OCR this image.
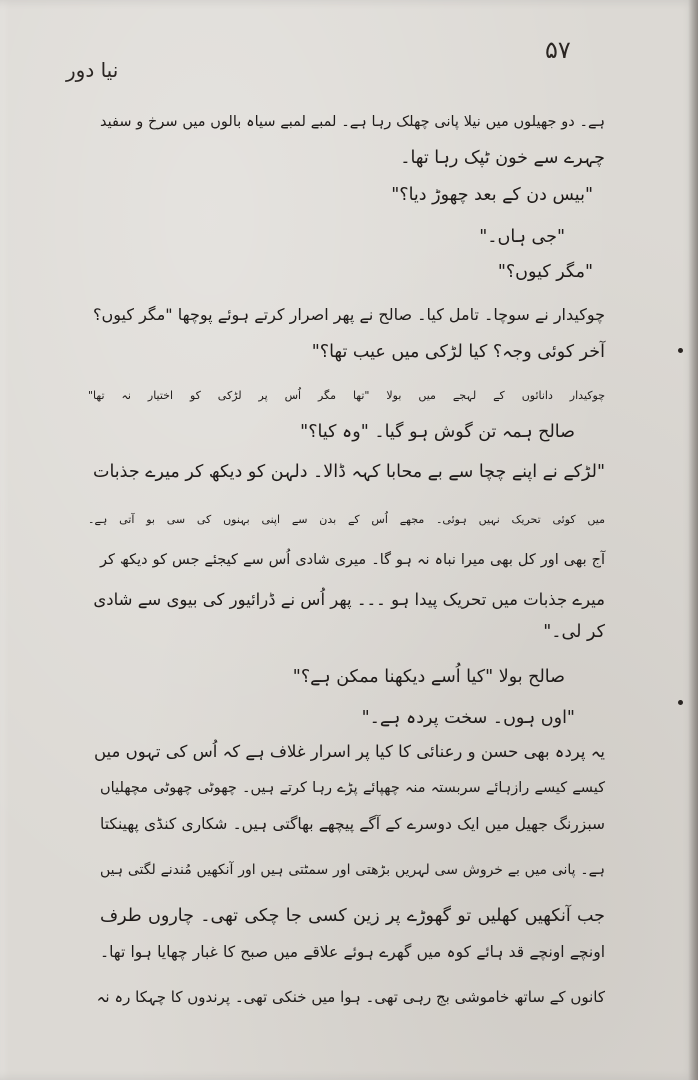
۵۷
نیا دور
ہے۔ دو جھیلوں میں نیلا پانی چھلک رہا ہے۔ لمبے لمبے سیاہ بالوں میں سرخ و سفید
چہرے سے خون ٹپک رہا تھا۔
"بیس دن کے بعد چھوڑ دیا؟"
"جی ہاں۔"
"مگر کیوں؟"
چوکیدار نے سوچا۔ تامل کیا۔ صالح نے پھر اصرار کرتے ہوئے پوچھا "مگر کیوں؟
آخر کوئی وجہ؟ کیا لڑکی میں عیب تھا؟"
چوکیدار دانائوں کے لہجے میں بولا "تھا مگر اُس پر لڑکی کو اختیار نہ تھا"
صالح ہمہ تن گوش ہو گیا۔ "وہ کیا؟"
"لڑکے نے اپنے چچا سے بے محابا کہہ ڈالا۔ دلہن کو دیکھ کر میرے جذبات
میں کوئی تحریک نہیں ہوئی۔ مجھے اُس کے بدن سے اپنی بہنوں کی سی بو آتی ہے۔
آج بھی اور کل بھی میرا نباہ نہ ہو گا۔ میری شادی اُس سے کیجئے جس کو دیکھ کر
میرے جذبات میں تحریک پیدا ہو ۔۔۔ پھر اُس نے ڈرائیور کی بیوی سے شادی
کر لی۔"
صالح بولا "کیا اُسے دیکھنا ممکن ہے؟"
"اوں ہوں۔ سخت پردہ ہے۔"
یہ پردہ بھی حسن و رعنائی کا کیا پر اسرار غلاف ہے کہ اُس کی تہوں میں
کیسے کیسے رازہائے سربستہ منہ چھپائے پڑے رہا کرتے ہیں۔ چھوٹی چھوٹی مچھلیاں
سبزرنگ جھیل میں ایک دوسرے کے آگے پیچھے بھاگتی ہیں۔ شکاری کنڈی پھینکتا
ہے۔ پانی میں بے خروش سی لہریں بڑھتی اور سمٹتی ہیں اور آنکھیں مُندنے لگتی ہیں
جب آنکھیں کھلیں تو گھوڑے پر زین کسی جا چکی تھی۔ چاروں طرف
اونچے اونچے قد ہائے کوہ میں گھرے ہوئے علاقے میں صبح کا غبار چھایا ہوا تھا۔
کانوں کے ساتھ خاموشی بج رہی تھی۔ ہوا میں خنکی تھی۔ پرندوں کا چہکا رہ نہ
